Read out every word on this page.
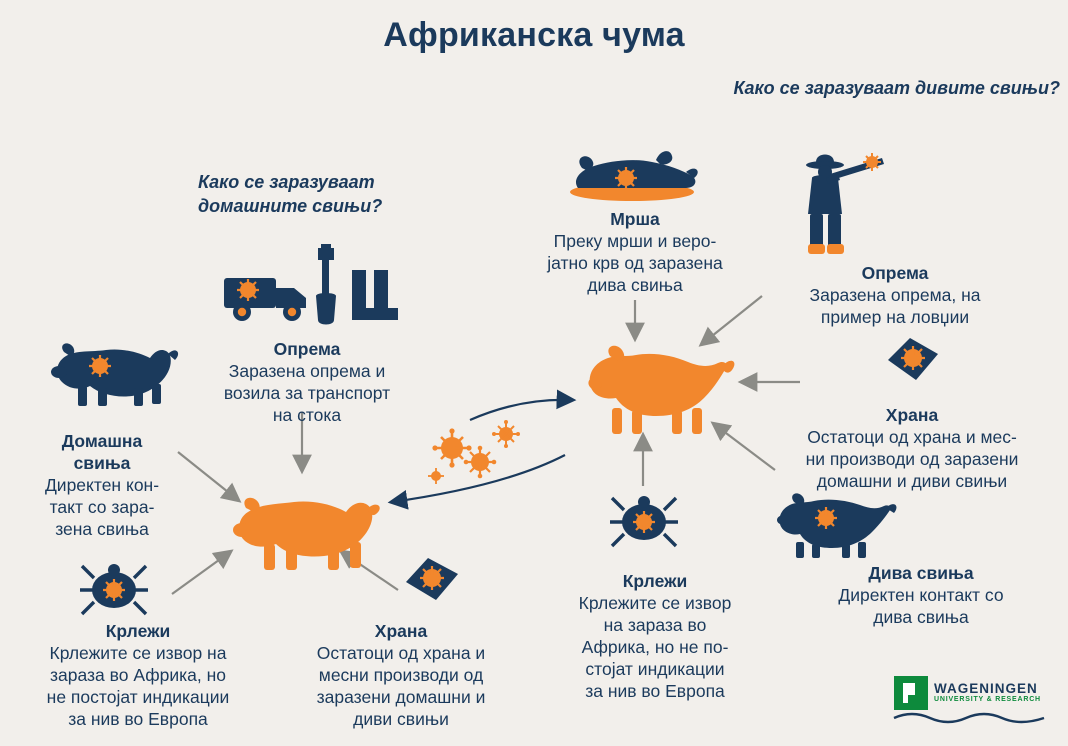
Африканска чума
Како се заразуваат дивите свињи?
Како се заразуваат
домашните свињи?
Мрша
Преку мрши и веро-
јатно крв од заразена
дива свиња
Опрема
Заразена опрема, на
пример на ловџии
Храна
Остатоци од храна и мес-
ни производи од заразени
домашни и диви свињи
Дива свиња
Директен контакт со
дива свиња
Крлежи
Крлежите се извор
на зараза во
Африка, но не по-
стојат индикации
за нив во Европа
Опрема
Заразена опрема и
возила за транспорт
на стока
Домашна
свиња
Директен кон-
такт со зара-
зена свиња
Крлежи
Крлежите се извор на
зараза во Африка, но
не постојат индикации
за нив во Европа
Храна
Остатоци од храна и
месни производи од
заразени домашни и
диви свињи
WAGENINGEN
UNIVERSITY & RESEARCH
